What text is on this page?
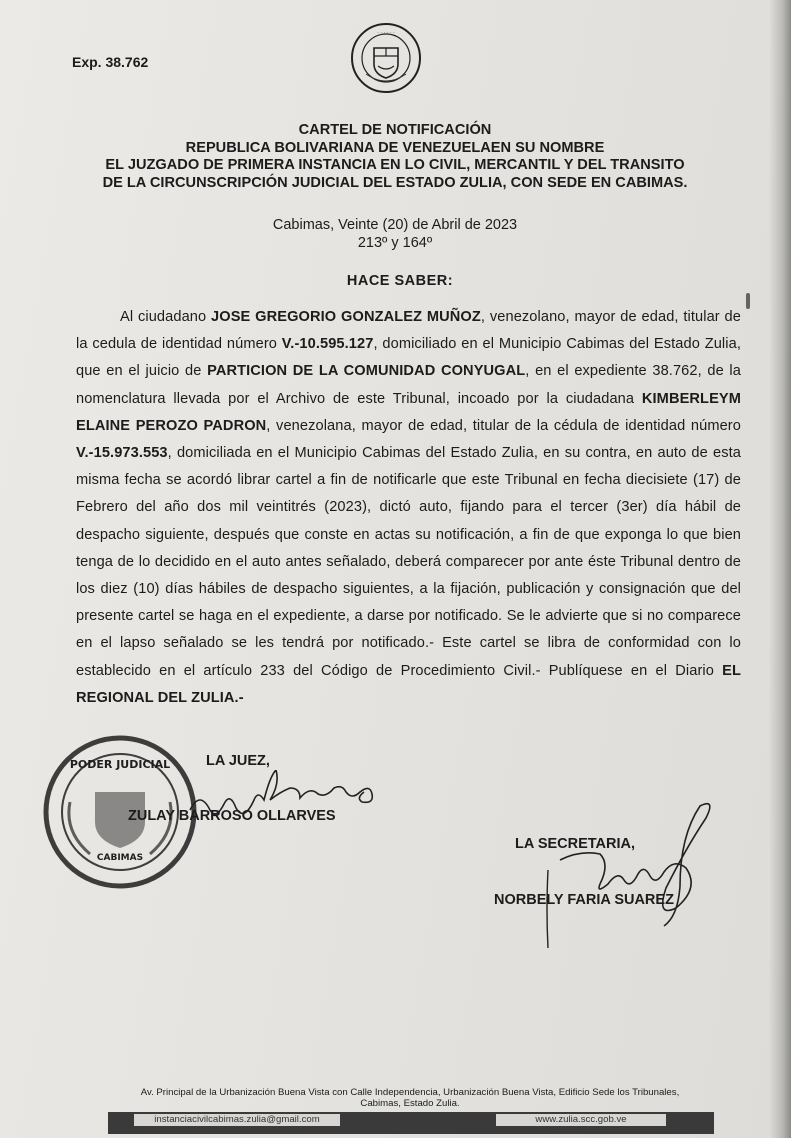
Exp. 38.762
· · · · · ·
CARTEL DE NOTIFICACIÓN
REPUBLICA BOLIVARIANA DE VENEZUELAEN SU NOMBRE
EL JUZGADO DE PRIMERA INSTANCIA EN LO CIVIL, MERCANTIL Y DEL TRANSITO
DE LA CIRCUNSCRIPCIÓN JUDICIAL DEL ESTADO ZULIA, CON SEDE EN CABIMAS.
Cabimas, Veinte (20) de Abril de 2023
213º y 164º
HACE SABER:
Al ciudadano JOSE GREGORIO GONZALEZ MUÑOZ, venezolano, mayor de edad, titular de la cedula de identidad número V.-10.595.127, domiciliado en el Municipio Cabimas del Estado Zulia, que en el juicio de PARTICION DE LA COMUNIDAD CONYUGAL, en el expediente 38.762, de la nomenclatura llevada por el Archivo de este Tribunal, incoado por la ciudadana KIMBERLEYM ELAINE PEROZO PADRON, venezolana, mayor de edad, titular de la cédula de identidad número V.-15.973.553, domiciliada en el Municipio Cabimas del Estado Zulia, en su contra, en auto de esta misma fecha se acordó librar cartel a fin de notificarle que este Tribunal en fecha diecisiete (17) de Febrero del año dos mil veintitrés (2023), dictó auto, fijando para el tercer (3er) día hábil de despacho siguiente, después que conste en actas su notificación, a fin de que exponga lo que bien tenga de lo decidido en el auto antes señalado, deberá comparecer por ante éste Tribunal dentro de los diez (10) días hábiles de despacho siguientes, a la fijación, publicación y consignación que del presente cartel se haga en el expediente, a darse por notificado. Se le advierte que si no comparece en el lapso señalado se les tendrá por notificado.- Este cartel se libra de conformidad con lo establecido en el artículo 233 del Código de Procedimiento Civil.- Publíquese en el Diario EL REGIONAL DEL ZULIA.-
PODER JUDICIAL
CABIMAS
LA JUEZ,
ZULAY BARROSO OLLARVES
LA SECRETARIA,
NORBELY FARIA SUAREZ
Av. Principal de la Urbanización Buena Vista con Calle Independencia, Urbanización Buena Vista, Edificio Sede los Tribunales,
Cabimas, Estado Zulia.
instanciacivilcabimas.zulia@gmail.com	www.zulia.scc.gob.ve
